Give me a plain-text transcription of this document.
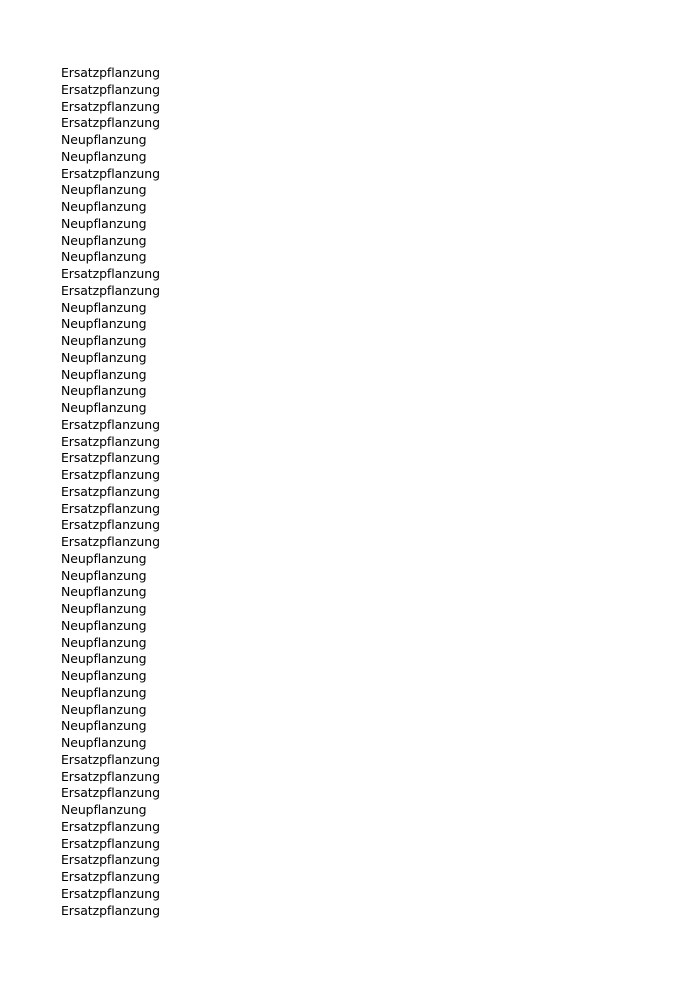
Ersatzpflanzung
Ersatzpflanzung
Ersatzpflanzung
Ersatzpflanzung
Neupflanzung
Neupflanzung
Ersatzpflanzung
Neupflanzung
Neupflanzung
Neupflanzung
Neupflanzung
Neupflanzung
Ersatzpflanzung
Ersatzpflanzung
Neupflanzung
Neupflanzung
Neupflanzung
Neupflanzung
Neupflanzung
Neupflanzung
Neupflanzung
Ersatzpflanzung
Ersatzpflanzung
Ersatzpflanzung
Ersatzpflanzung
Ersatzpflanzung
Ersatzpflanzung
Ersatzpflanzung
Ersatzpflanzung
Neupflanzung
Neupflanzung
Neupflanzung
Neupflanzung
Neupflanzung
Neupflanzung
Neupflanzung
Neupflanzung
Neupflanzung
Neupflanzung
Neupflanzung
Neupflanzung
Ersatzpflanzung
Ersatzpflanzung
Ersatzpflanzung
Neupflanzung
Ersatzpflanzung
Ersatzpflanzung
Ersatzpflanzung
Ersatzpflanzung
Ersatzpflanzung
Ersatzpflanzung
